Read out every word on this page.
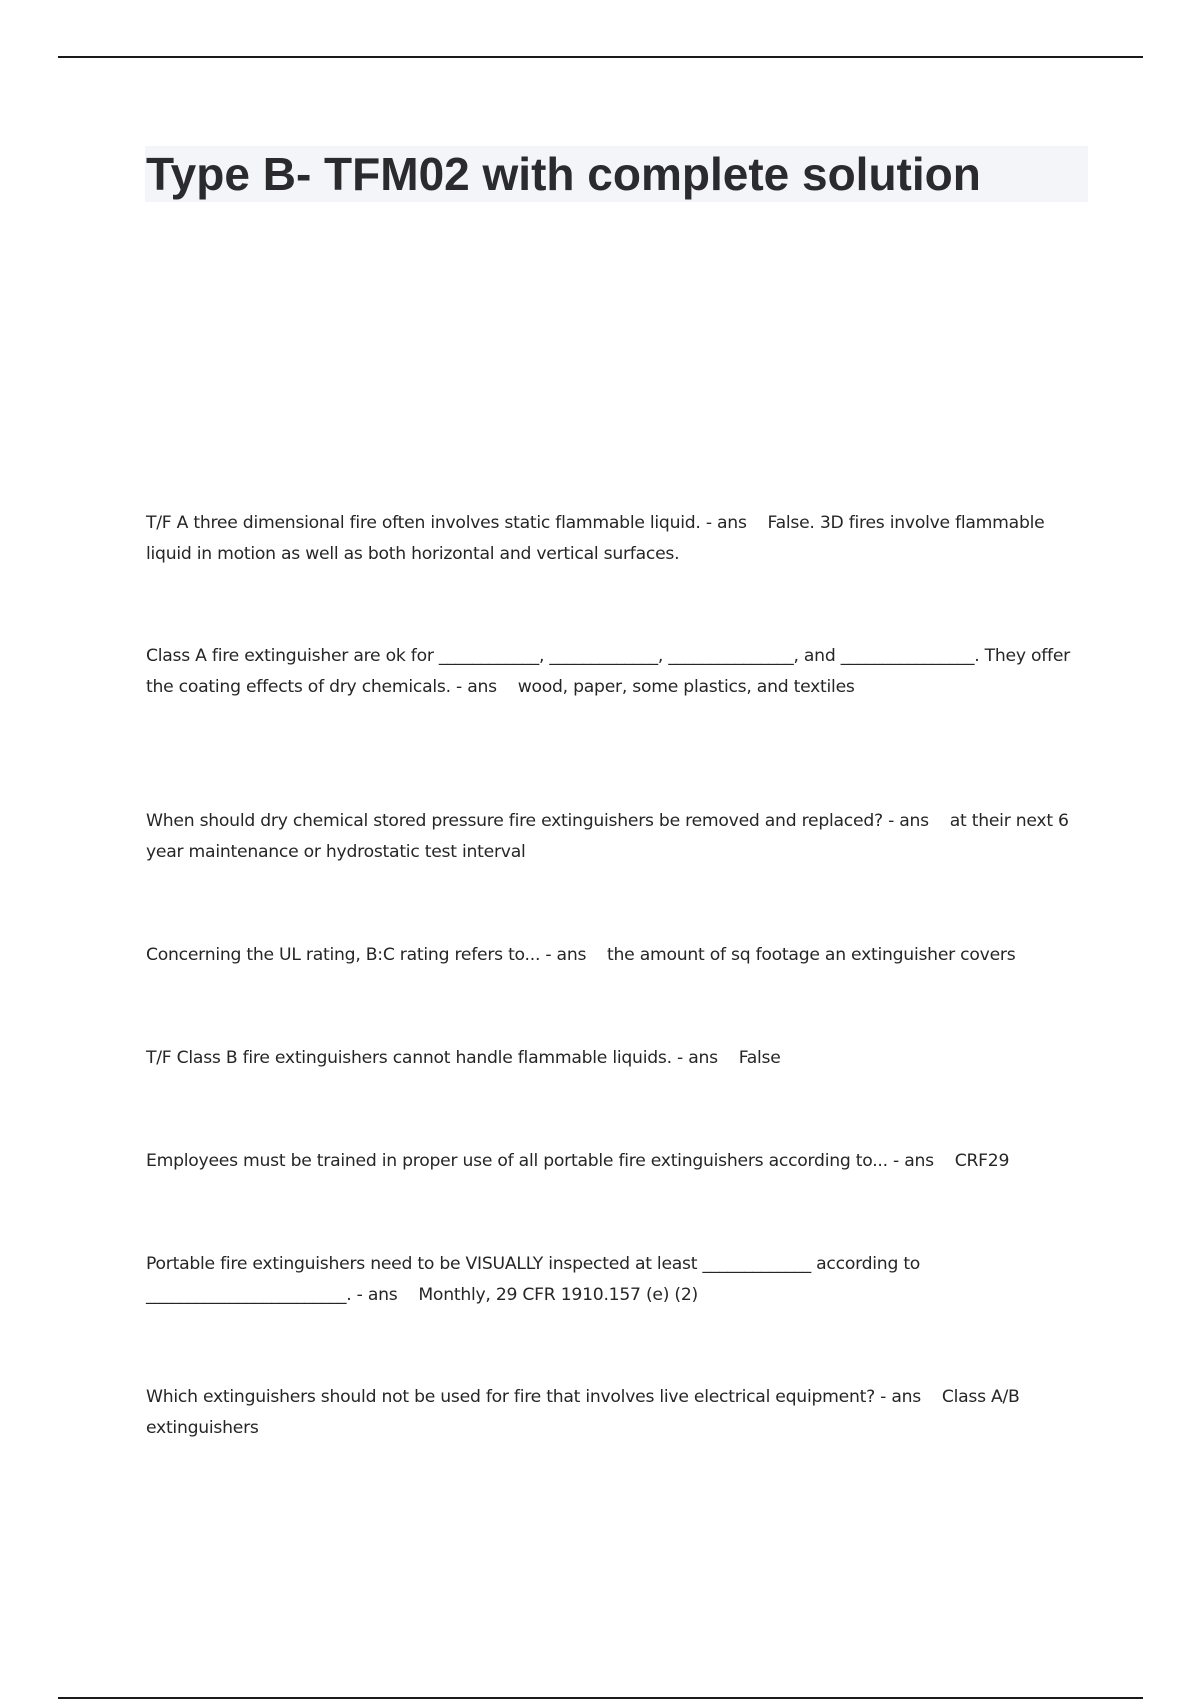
Type B- TFM02 with complete solution

T/F A three dimensional fire often involves static flammable liquid. - ans    False. 3D fires involve flammable liquid in motion as well as both horizontal and vertical surfaces.

Class A fire extinguisher are ok for ____________, _____________, _______________, and ________________. They offer the coating effects of dry chemicals. - ans    wood, paper, some plastics, and textiles

When should dry chemical stored pressure fire extinguishers be removed and replaced? - ans    at their next 6 year maintenance or hydrostatic test interval

Concerning the UL rating, B:C rating refers to... - ans    the amount of sq footage an extinguisher covers

T/F Class B fire extinguishers cannot handle flammable liquids. - ans    False

Employees must be trained in proper use of all portable fire extinguishers according to... - ans    CRF29

Portable fire extinguishers need to be VISUALLY inspected at least _____________ according to ________________________. - ans    Monthly, 29 CFR 1910.157 (e) (2)

Which extinguishers should not be used for fire that involves live electrical equipment? - ans    Class A/B extinguishers
